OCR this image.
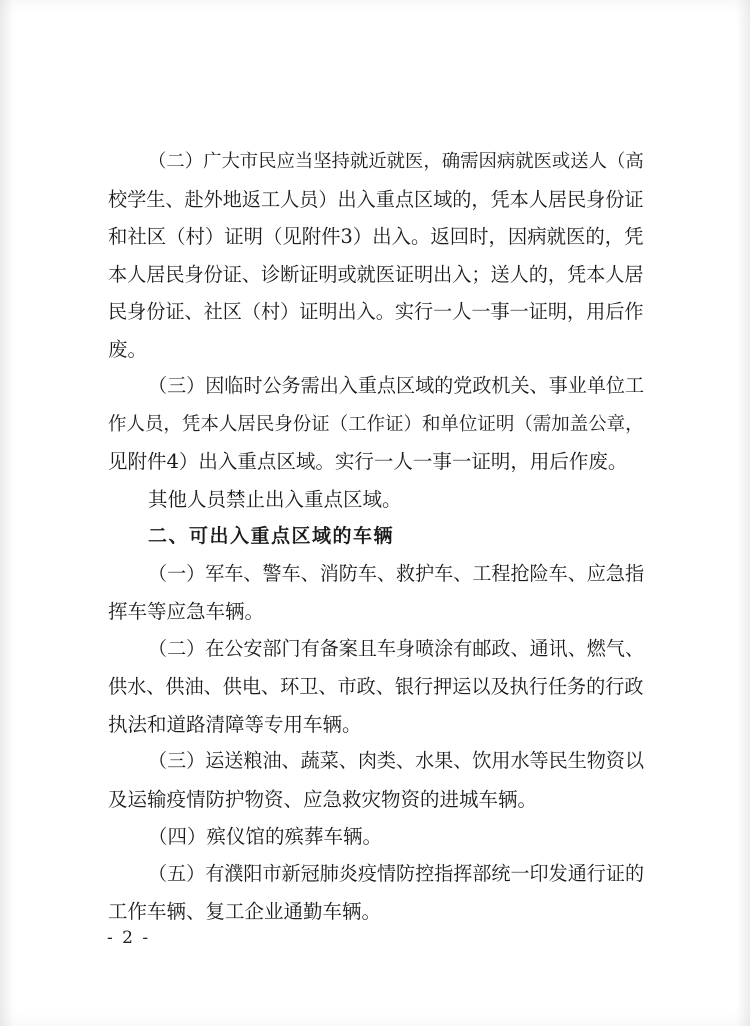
（二）广大市民应当坚持就近就医，确需因病就医或送人（高
校学生、赴外地返工人员）出入重点区域的，凭本人居民身份证
和社区（村）证明（见附件3）出入。返回时，因病就医的，凭
本人居民身份证、诊断证明或就医证明出入；送人的，凭本人居
民身份证、社区（村）证明出入。实行一人一事一证明，用后作
废。
（三）因临时公务需出入重点区域的党政机关、事业单位工
作人员，凭本人居民身份证（工作证）和单位证明（需加盖公章，
见附件4）出入重点区域。实行一人一事一证明，用后作废。
其他人员禁止出入重点区域。
二、可出入重点区域的车辆
（一）军车、警车、消防车、救护车、工程抢险车、应急指
挥车等应急车辆。
（二）在公安部门有备案且车身喷涂有邮政、通讯、燃气、
供水、供油、供电、环卫、市政、银行押运以及执行任务的行政
执法和道路清障等专用车辆。
（三）运送粮油、蔬菜、肉类、水果、饮用水等民生物资以
及运输疫情防护物资、应急救灾物资的进城车辆。
（四）殡仪馆的殡葬车辆。
（五）有濮阳市新冠肺炎疫情防控指挥部统一印发通行证的
工作车辆、复工企业通勤车辆。
- 2 -
